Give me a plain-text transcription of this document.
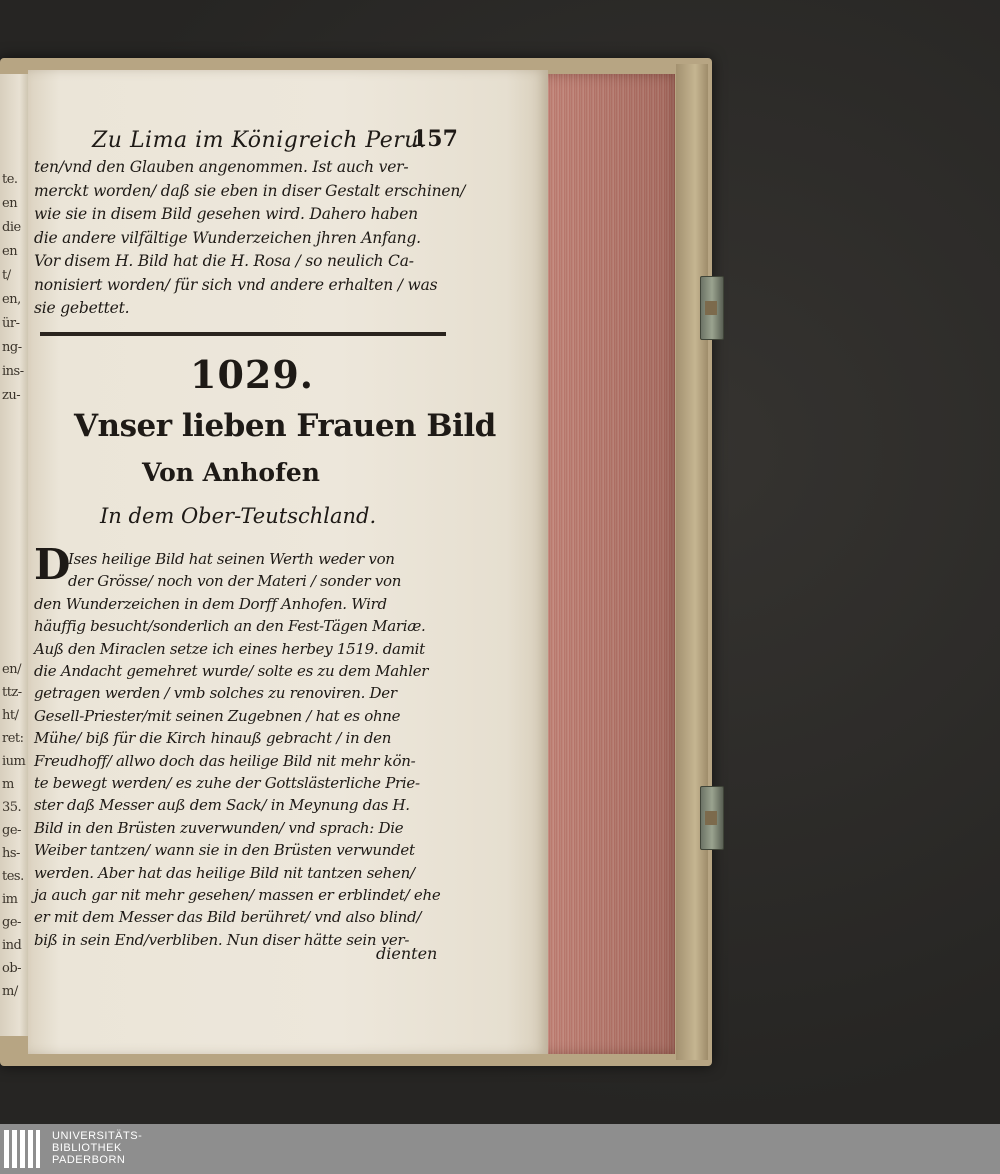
te.
en
die
en
t/
en,
ür-
ng-
ins-
zu-
en/
ttz-
ht/
ret:
ium
m
35.
ge-
hs-
tes.
im
ge-
ind
ob-
m/
Zu Lima im Königreich Peru.
157
ten/vnd den Glauben angenommen. Ist auch ver-
merckt worden/ daß sie eben in diser Gestalt erschinen/
wie sie in disem Bild gesehen wird. Dahero haben
die andere vilfältige Wunderzeichen jhren Anfang.
Vor disem H. Bild hat die H. Rosa / so neulich Ca-
nonisiert worden/ für sich vnd andere erhalten / was
sie gebettet.
1029.
Vnser lieben Frauen Bild
Von Anhofen
In dem Ober-Teutschland.
D
Ises heilige Bild hat seinen Werth weder von
der Grösse/ noch von der Materi / sonder von
den Wunderzeichen in dem Dorff Anhofen. Wird
häuffig besucht/sonderlich an den Fest-Tägen Mariæ.
Auß den Miraclen setze ich eines herbey 1519. damit
die Andacht gemehret wurde/ solte es zu dem Mahler
getragen werden / vmb solches zu renoviren. Der
Gesell-Priester/mit seinen Zugebnen / hat es ohne
Mühe/ biß für die Kirch hinauß gebracht / in den
Freudhoff/ allwo doch das heilige Bild nit mehr kön-
te bewegt werden/ es zuhe der Gottslästerliche Prie-
ster daß Messer auß dem Sack/ in Meynung das H.
Bild in den Brüsten zuverwunden/ vnd sprach: Die
Weiber tantzen/ wann sie in den Brüsten verwundet
werden. Aber hat das heilige Bild nit tantzen sehen/
ja auch gar nit mehr gesehen/ massen er erblindet/ ehe
er mit dem Messer das Bild berühret/ vnd also blind/
biß in sein End/verbliben. Nun diser hätte sein ver-
dienten
UNIVERSITÄTS-
BIBLIOTHEK
PADERBORN
